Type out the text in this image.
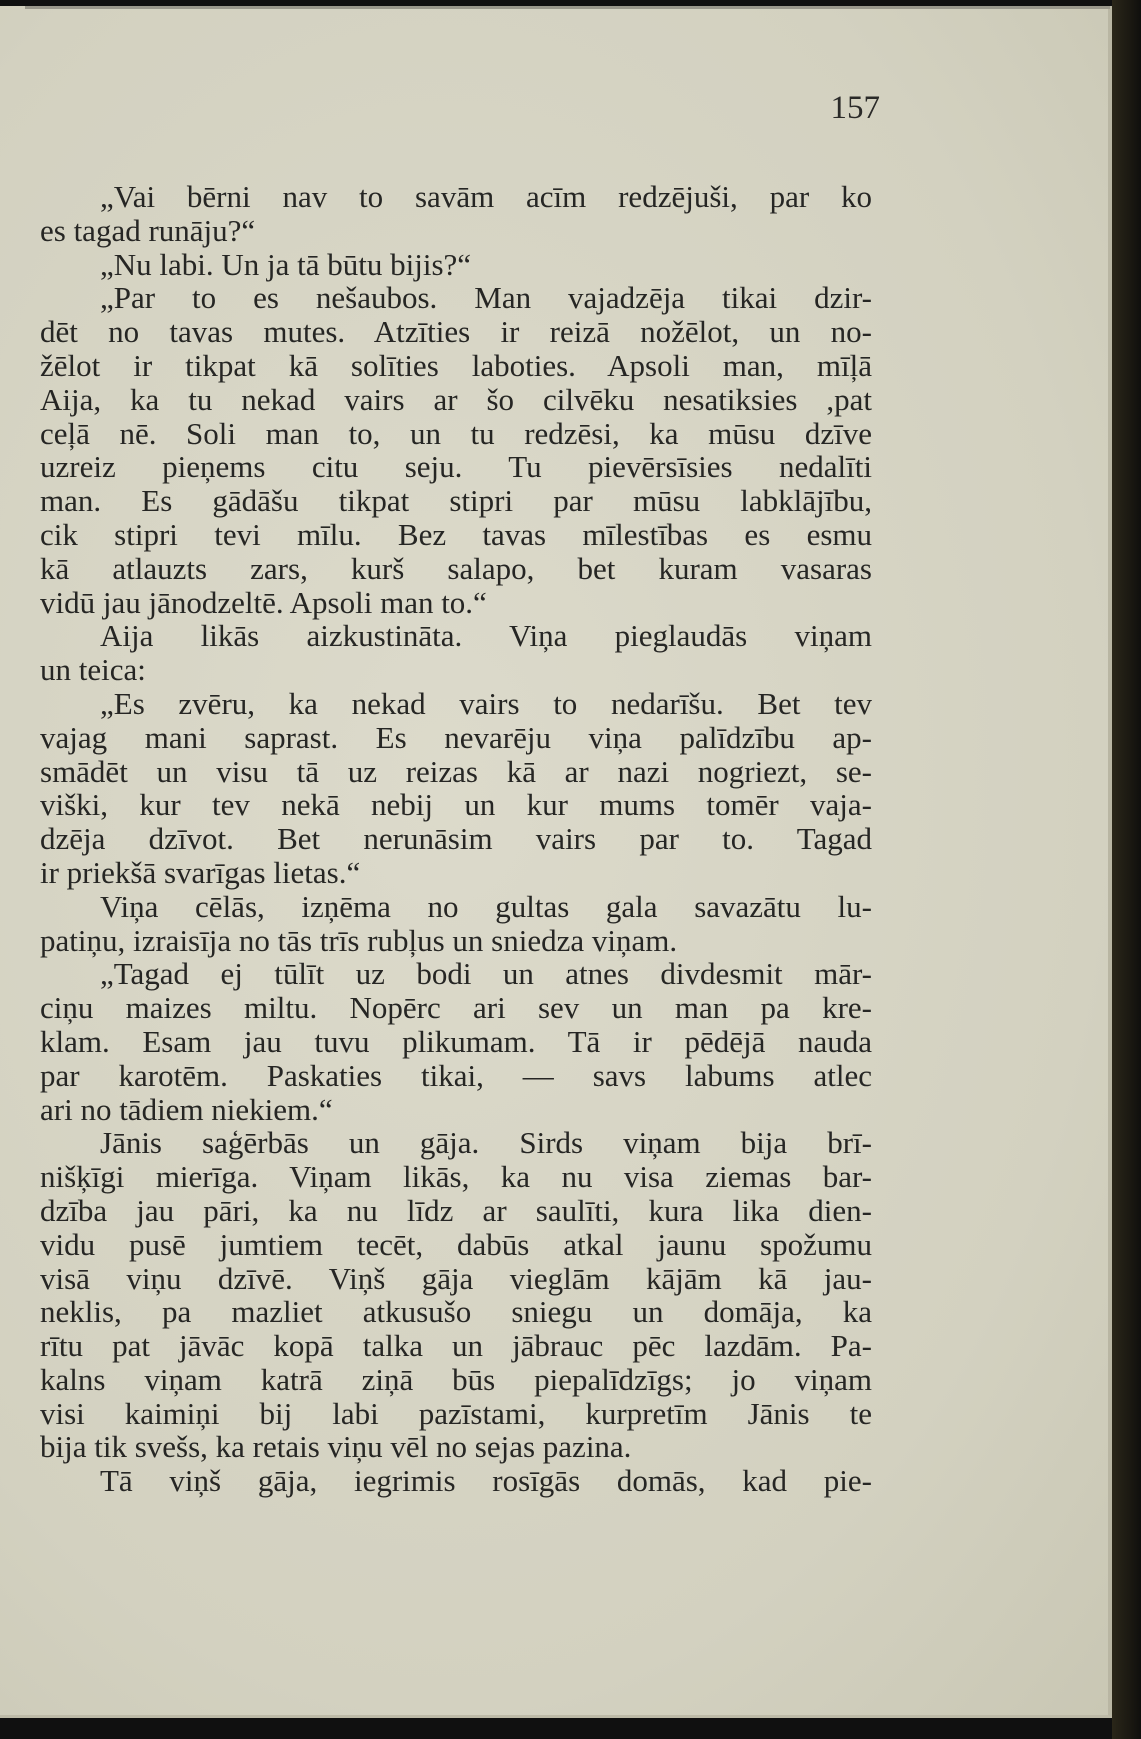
157
„Vai bērni nav to savām acīm redzējuši, par ko
es tagad runāju?“
„Nu labi. Un ja tā būtu bijis?“
„Par to es nešaubos. Man vajadzēja tikai dzir-
dēt no tavas mutes. Atzīties ir reizā nožēlot, un no-
žēlot ir tikpat kā solīties laboties. Apsoli man, mīļā
Aija, ka tu nekad vairs ar šo cilvēku nesatiksies ,pat
ceļā nē. Soli man to, un tu redzēsi, ka mūsu dzīve
uzreiz pieņems citu seju. Tu pievērsīsies nedalīti
man. Es gādāšu tikpat stipri par mūsu labklājību,
cik stipri tevi mīlu. Bez tavas mīlestības es esmu
kā atlauzts zars, kurš salapo, bet kuram vasaras
vidū jau jānodzeltē. Apsoli man to.“
Aija likās aizkustināta. Viņa pieglaudās viņam
un teica:
„Es zvēru, ka nekad vairs to nedarīšu. Bet tev
vajag mani saprast. Es nevarēju viņa palīdzību ap-
smādēt un visu tā uz reizas kā ar nazi nogriezt, se-
viški, kur tev nekā nebij un kur mums tomēr vaja-
dzēja dzīvot. Bet nerunāsim vairs par to. Tagad
ir priekšā svarīgas lietas.“
Viņa cēlās, izņēma no gultas gala savazātu lu-
patiņu, izraisīja no tās trīs rubļus un sniedza viņam.
„Tagad ej tūlīt uz bodi un atnes divdesmit mār-
ciņu maizes miltu. Nopērc ari sev un man pa kre-
klam. Esam jau tuvu plikumam. Tā ir pēdējā nauda
par karotēm. Paskaties tikai, — savs labums atlec
ari no tādiem niekiem.“
Jānis saģērbās un gāja. Sirds viņam bija brī-
nišķīgi mierīga. Viņam likās, ka nu visa ziemas bar-
dzība jau pāri, ka nu līdz ar saulīti, kura lika dien-
vidu pusē jumtiem tecēt, dabūs atkal jaunu spožumu
visā viņu dzīvē. Viņš gāja vieglām kājām kā jau-
neklis, pa mazliet atkusušo sniegu un domāja, ka
rītu pat jāvāc kopā talka un jābrauc pēc lazdām. Pa-
kalns viņam katrā ziņā būs piepalīdzīgs; jo viņam
visi kaimiņi bij labi pazīstami, kurpretīm Jānis te
bija tik svešs, ka retais viņu vēl no sejas pazina.
Tā viņš gāja, iegrimis rosīgās domās, kad pie-
